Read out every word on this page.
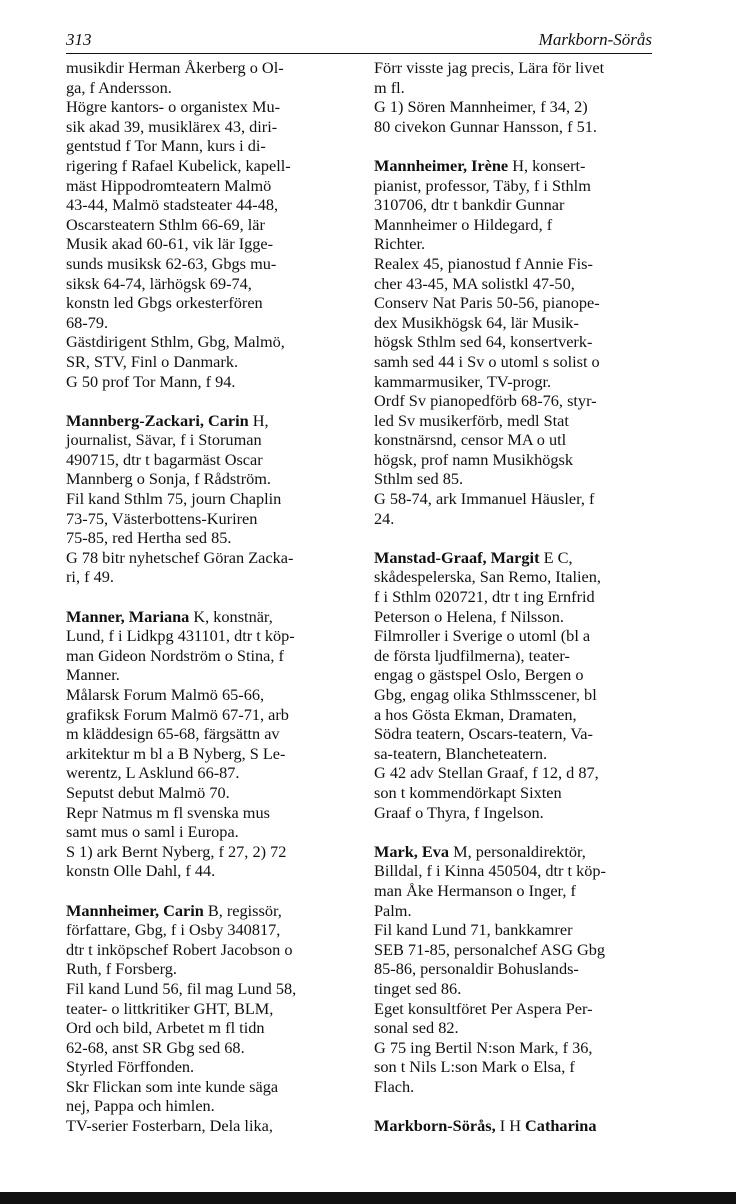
313	Markborn-Sörås
musikdir Herman Åkerberg o Ol-
ga, f Andersson.
Högre kantors- o organistex Mu-
sik akad 39, musiklärex 43, diri-
gentstud f Tor Mann, kurs i di-
rigering f Rafael Kubelick, kapell-
mäst Hippodromteatern Malmö
43-44, Malmö stadsteater 44-48,
Oscarsteatern Sthlm 66-69, lär
Musik akad 60-61, vik lär Igge-
sunds musiksk 62-63, Gbgs mu-
siksk 64-74, lärhögsk 69-74,
konstn led Gbgs orkesterfören
68-79.
Gästdirigent Sthlm, Gbg, Malmö,
SR, STV, Finl o Danmark.
G 50 prof Tor Mann, f 94.
Mannberg-Zackari, Carin H,
journalist, Sävar, f i Storuman
490715, dtr t bagarmäst Oscar
Mannberg o Sonja, f Rådström.
Fil kand Sthlm 75, journ Chaplin
73-75, Västerbottens-Kuriren
75-85, red Hertha sed 85.
G 78 bitr nyhetschef Göran Zacka-
ri, f 49.
Manner, Mariana K, konstnär,
Lund, f i Lidkpg 431101, dtr t köp-
man Gideon Nordström o Stina, f
Manner.
Målarsk Forum Malmö 65-66,
grafiksk Forum Malmö 67-71, arb
m kläddesign 65-68, färgsättn av
arkitektur m bl a B Nyberg, S Le-
werentz, L Asklund 66-87.
Seputst debut Malmö 70.
Repr Natmus m fl svenska mus
samt mus o saml i Europa.
S 1) ark Bernt Nyberg, f 27, 2) 72
konstn Olle Dahl, f 44.
Mannheimer, Carin B, regissör,
författare, Gbg, f i Osby 340817,
dtr t inköpschef Robert Jacobson o
Ruth, f Forsberg.
Fil kand Lund 56, fil mag Lund 58,
teater- o littkritiker GHT, BLM,
Ord och bild, Arbetet m fl tidn
62-68, anst SR Gbg sed 68.
Styrled Förffonden.
Skr Flickan som inte kunde säga
nej, Pappa och himlen.
TV-serier Fosterbarn, Dela lika,
Förr visste jag precis, Lära för livet
m fl.
G 1) Sören Mannheimer, f 34, 2)
80 civekon Gunnar Hansson, f 51.
Mannheimer, Irène H, konsert-
pianist, professor, Täby, f i Sthlm
310706, dtr t bankdir Gunnar
Mannheimer o Hildegard, f
Richter.
Realex 45, pianostud f Annie Fis-
cher 43-45, MA solistkl 47-50,
Conserv Nat Paris 50-56, pianope-
dex Musikhögsk 64, lär Musik-
högsk Sthlm sed 64, konsertverk-
samh sed 44 i Sv o utoml s solist o
kammarmusiker, TV-progr.
Ordf Sv pianopedförb 68-76, styr-
led Sv musikerförb, medl Stat
konstnärsnd, censor MA o utl
högsk, prof namn Musikhögsk
Sthlm sed 85.
G 58-74, ark Immanuel Häusler, f
24.
Manstad-Graaf, Margit E C,
skådespelerska, San Remo, Italien,
f i Sthlm 020721, dtr t ing Ernfrid
Peterson o Helena, f Nilsson.
Filmroller i Sverige o utoml (bl a
de första ljudfilmerna), teater-
engag o gästspel Oslo, Bergen o
Gbg, engag olika Sthlmsscener, bl
a hos Gösta Ekman, Dramaten,
Södra teatern, Oscars-teatern, Va-
sa-teatern, Blancheteatern.
G 42 adv Stellan Graaf, f 12, d 87,
son t kommendörkapt Sixten
Graaf o Thyra, f Ingelson.
Mark, Eva M, personaldirektör,
Billdal, f i Kinna 450504, dtr t köp-
man Åke Hermanson o Inger, f
Palm.
Fil kand Lund 71, bankkamrer
SEB 71-85, personalchef ASG Gbg
85-86, personaldir Bohuslands-
tinget sed 86.
Eget konsultföret Per Aspera Per-
sonal sed 82.
G 75 ing Bertil N:son Mark, f 36,
son t Nils L:son Mark o Elsa, f
Flach.
Markborn-Sörås, I H Catharina
